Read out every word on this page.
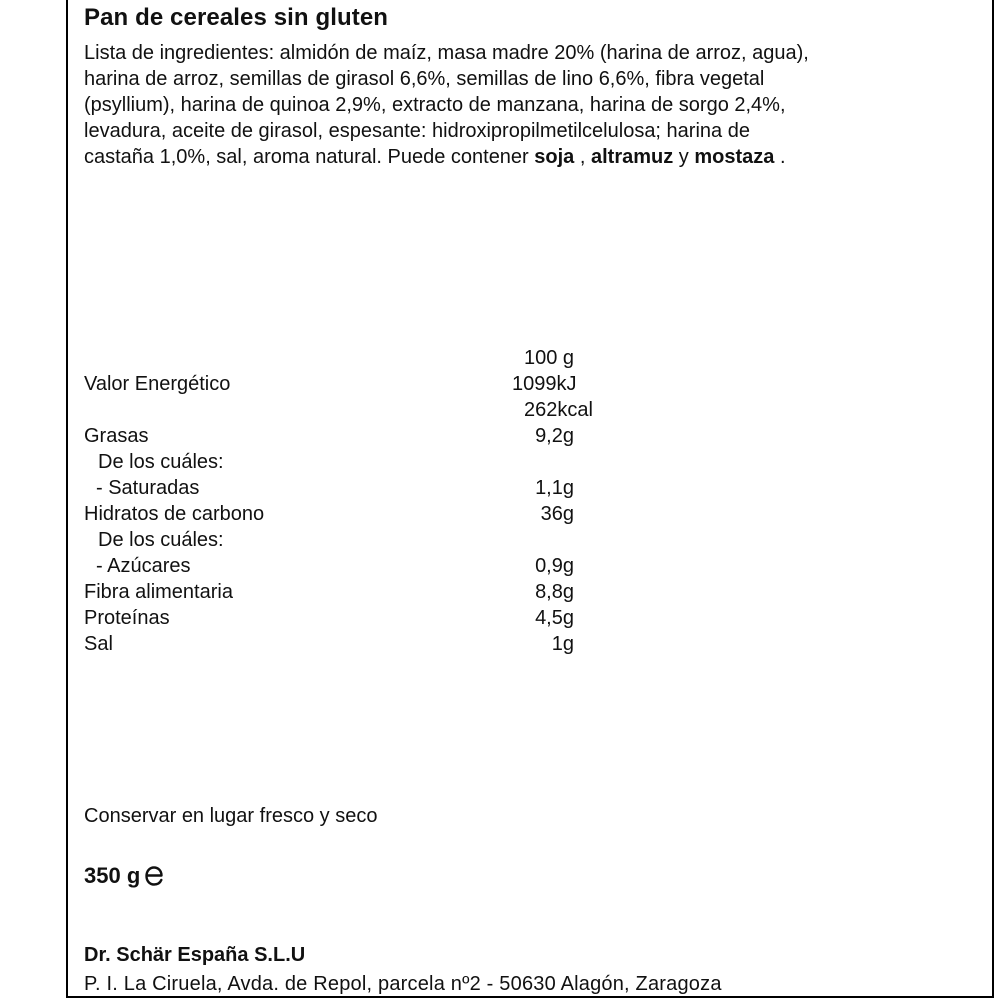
Pan de cereales sin gluten
Lista de ingredientes: almidón de maíz, masa madre 20% (harina de arroz, agua),
harina de arroz, semillas de girasol 6,6%, semillas de lino 6,6%, fibra vegetal
(psyllium), harina de quinoa 2,9%, extracto de manzana, harina de sorgo 2,4%,
levadura, aceite de girasol, espesante: hidroxipropilmetilcelulosa; harina de
castaña 1,0%, sal, aroma natural. Puede contener soja , altramuz y mostaza .
100 g
Valor Energético	1099kJ
262kcal
Grasas	9,2g
De los cuáles:
- Saturadas	1,1g
Hidratos de carbono	36g
De los cuáles:
- Azúcares	0,9g
Fibra alimentaria	8,8g
Proteínas	4,5g
Sal	1g
Conservar en lugar fresco y seco
350 g
Dr. Schär España S.L.U
P. I. La Ciruela, Avda. de Repol, parcela nº2 - 50630 Alagón, Zaragoza
